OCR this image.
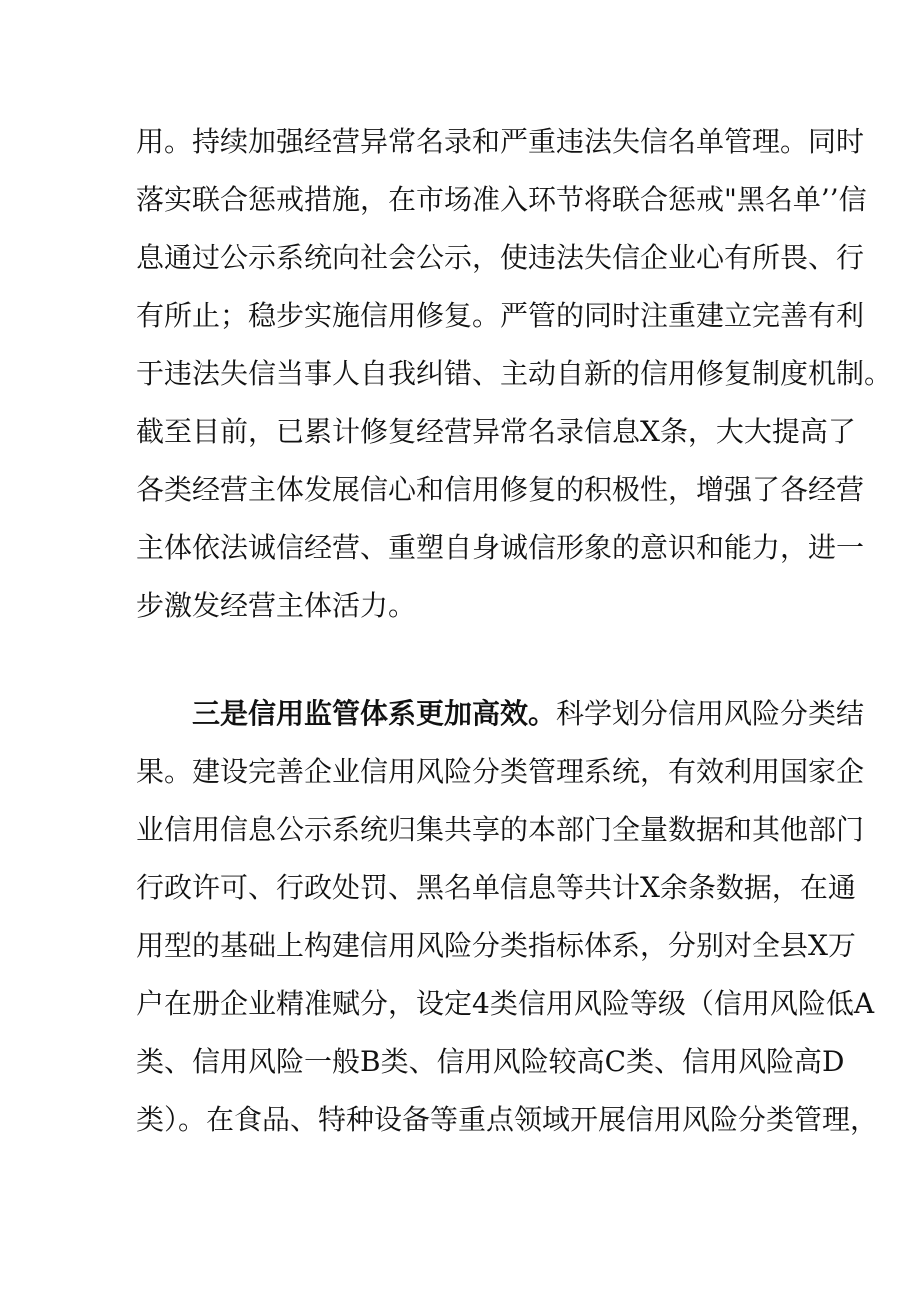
用。持续加强经营异常名录和严重违法失信名单管理。同时
落实联合惩戒措施，在市场准入环节将联合惩戒"黑名单’’信
息通过公示系统向社会公示，使违法失信企业心有所畏、行
有所止；稳步实施信用修复。严管的同时注重建立完善有利
于违法失信当事人自我纠错、主动自新的信用修复制度机制。
截至目前，已累计修复经营异常名录信息X条，大大提高了
各类经营主体发展信心和信用修复的积极性，增强了各经营
主体依法诚信经营、重塑自身诚信形象的意识和能力，进一
步激发经营主体活力。
三是信用监管体系更加高效。科学划分信用风险分类结
果。建设完善企业信用风险分类管理系统，有效利用国家企
业信用信息公示系统归集共享的本部门全量数据和其他部门
行政许可、行政处罚、黑名单信息等共计X余条数据，在通
用型的基础上构建信用风险分类指标体系，分别对全县X万
户在册企业精准赋分，设定4类信用风险等级（信用风险低A
类、信用风险一般B类、信用风险较高C类、信用风险高D
类）。在食品、特种设备等重点领域开展信用风险分类管理，
